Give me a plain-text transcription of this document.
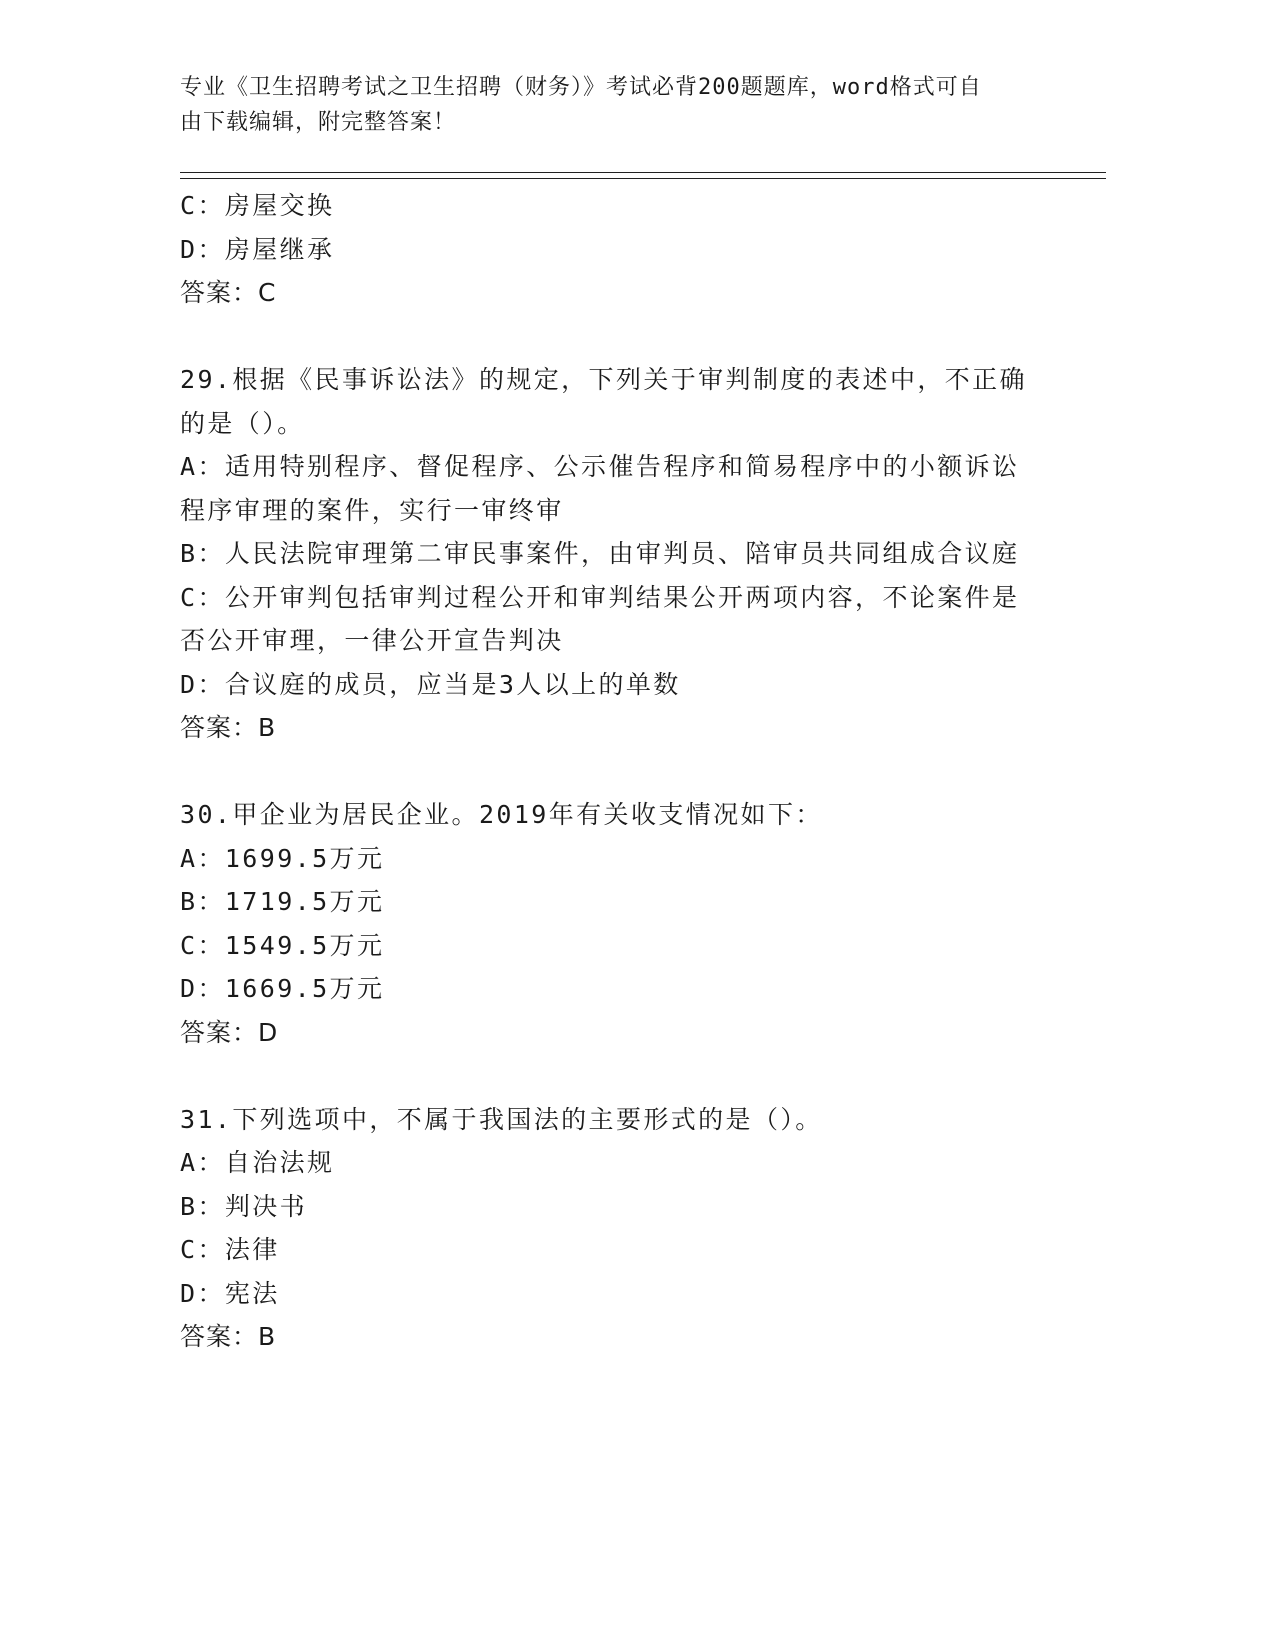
专业《卫生招聘考试之卫生招聘（财务）》考试必背200题题库，word格式可自
由下载编辑，附完整答案！
C：房屋交换
D：房屋继承
答案：C
29.根据《民事诉讼法》的规定，下列关于审判制度的表述中，不正确
的是（）。
A：适用特别程序、督促程序、公示催告程序和简易程序中的小额诉讼
程序审理的案件，实行一审终审
B：人民法院审理第二审民事案件，由审判员、陪审员共同组成合议庭
C：公开审判包括审判过程公开和审判结果公开两项内容，不论案件是
否公开审理，一律公开宣告判决
D：合议庭的成员，应当是3人以上的单数
答案：B
30.甲企业为居民企业。2019年有关收支情况如下：
A：1699.5万元
B：1719.5万元
C：1549.5万元
D：1669.5万元
答案：D
31.下列选项中，不属于我国法的主要形式的是（）。
A：自治法规
B：判决书
C：法律
D：宪法
答案：B
